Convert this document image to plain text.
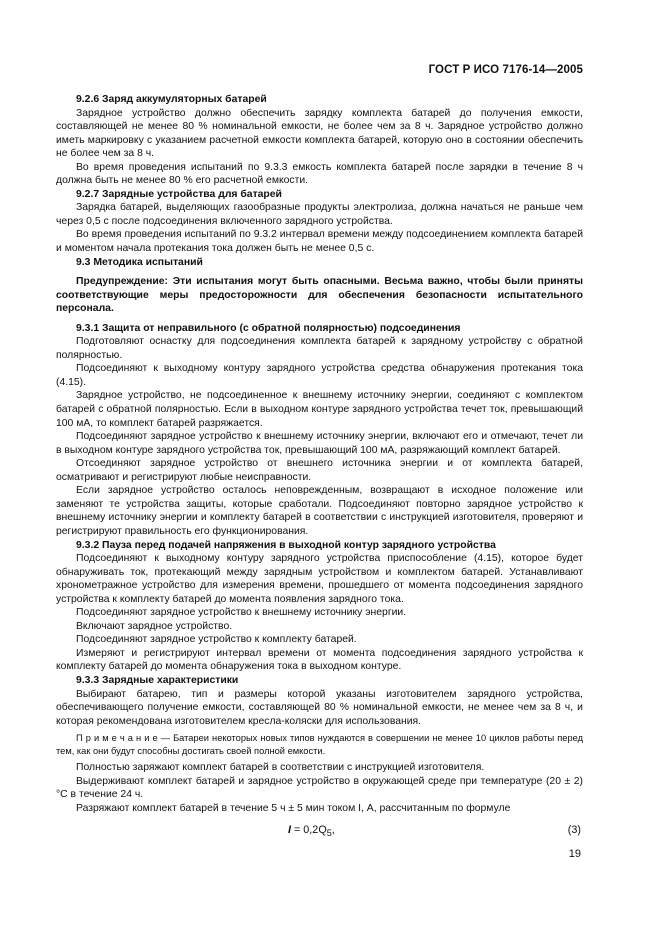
ГОСТ Р ИСО 7176-14—2005

9.2.6 Заряд аккумуляторных батарей

Зарядное устройство должно обеспечить зарядку комплекта батарей до получения емкости, составляющей не менее 80 % номинальной емкости, не более чем за 8 ч. Зарядное устройство должно иметь маркировку с указанием расчетной емкости комплекта батарей, которую оно в состоянии обеспечить не более чем за 8 ч.

Во время проведения испытаний по 9.3.3 емкость комплекта батарей после зарядки в течение 8 ч должна быть не менее 80 % его расчетной емкости.

9.2.7 Зарядные устройства для батарей

Зарядка батарей, выделяющих газообразные продукты электролиза, должна начаться не раньше чем через 0,5 с после подсоединения включенного зарядного устройства.

Во время проведения испытаний по 9.3.2 интервал времени между подсоединением комплекта батарей и моментом начала протекания тока должен быть не менее 0,5 с.

9.3 Методика испытаний

Предупреждение: Эти испытания могут быть опасными. Весьма важно, чтобы были приняты соответствующие меры предосторожности для обеспечения безопасности испытательного персонала.

9.3.1 Защита от неправильного (с обратной полярностью) подсоединения

Подготовляют оснастку для подсоединения комплекта батарей к зарядному устройству с обратной полярностью.

Подсоединяют к выходному контуру зарядного устройства средства обнаружения протекания тока (4.15).

Зарядное устройство, не подсоединенное к внешнему источнику энергии, соединяют с комплектом батарей с обратной полярностью. Если в выходном контуре зарядного устройства течет ток, превышающий 100 мА, то комплект батарей разряжается.

Подсоединяют зарядное устройство к внешнему источнику энергии, включают его и отмечают, течет ли в выходном контуре зарядного устройства ток, превышающий 100 мА, разряжающий комплект батарей.

Отсоединяют зарядное устройство от внешнего источника энергии и от комплекта батарей, осматривают и регистрируют любые неисправности.

Если зарядное устройство осталось неповрежденным, возвращают в исходное положение или заменяют те устройства защиты, которые сработали. Подсоединяют повторно зарядное устройство к внешнему источнику энергии и комплекту батарей в соответствии с инструкцией изготовителя, проверяют и регистрируют правильность его функционирования.

9.3.2 Пауза перед подачей напряжения в выходной контур зарядного устройства

Подсоединяют к выходному контуру зарядного устройства приспособление (4.15), которое будет обнаруживать ток, протекающий между зарядным устройством и комплектом батарей. Устанавливают хронометражное устройство для измерения времени, прошедшего от момента подсоединения зарядного устройства к комплекту батарей до момента появления зарядного тока.

Подсоединяют зарядное устройство к внешнему источнику энергии.

Включают зарядное устройство.

Подсоединяют зарядное устройство к комплекту батарей.

Измеряют и регистрируют интервал времени от момента подсоединения зарядного устройства к комплекту батарей до момента обнаружения тока в выходном контуре.

9.3.3 Зарядные характеристики

Выбирают батарею, тип и размеры которой указаны изготовителем зарядного устройства, обеспечивающего получение емкости, составляющей 80 % номинальной емкости, не менее чем за 8 ч, и которая рекомендована изготовителем кресла-коляски для использования.

П р и м е ч а н и е — Батареи некоторых новых типов нуждаются в совершении не менее 10 циклов работы перед тем, как они будут способны достигать своей полной емкости.

Полностью заряжают комплект батарей в соответствии с инструкцией изготовителя.

Выдерживают комплект батарей и зарядное устройство в окружающей среде при температуре (20 ± 2) °С в течение 24 ч.

Разряжают комплект батарей в течение 5 ч ± 5 мин током I, А, рассчитанным по формуле

$I = 0,2Q_5$,	(3)
19
